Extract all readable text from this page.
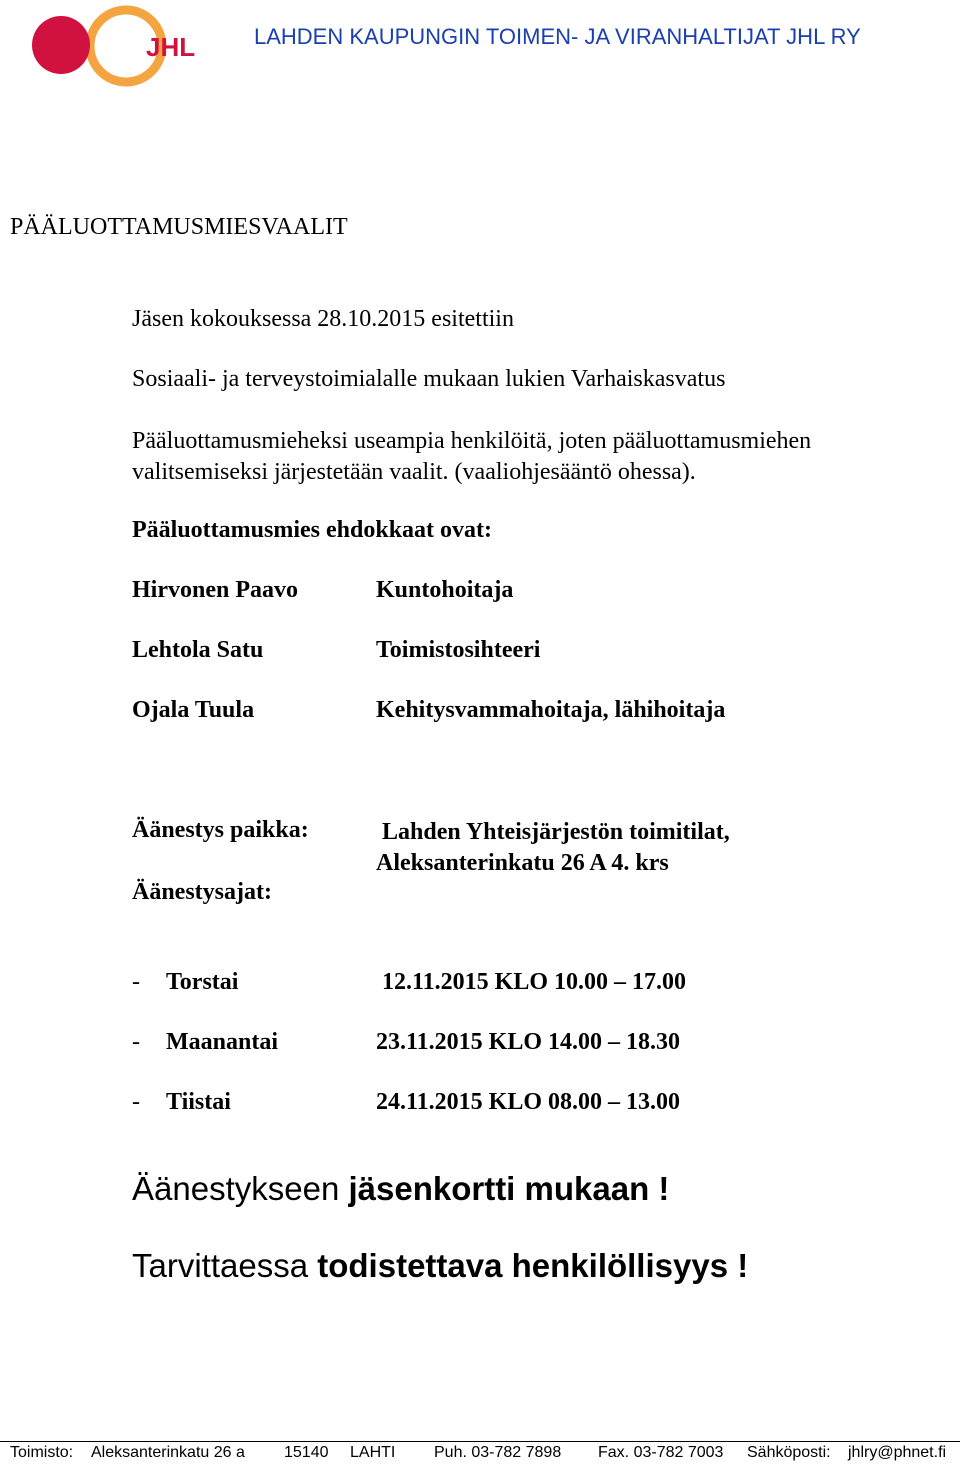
JHL	LAHDEN KAUPUNGIN TOIMEN- JA VIRANHALTIJAT JHL RY
PÄÄLUOTTAMUSMIESVAALIT
Jäsen kokouksessa 28.10.2015 esitettiin
Sosiaali- ja terveystoimialalle mukaan lukien Varhaiskasvatus
Pääluottamusmieheksi useampia henkilöitä, joten pääluottamusmiehen
valitsemiseksi järjestetään vaalit. (vaaliohjesääntö ohessa).
Pääluottamusmies ehdokkaat ovat:
Hirvonen Paavo	Kuntohoitaja
Lehtola Satu	Toimistosihteeri
Ojala Tuula	Kehitysvammahoitaja, lähihoitaja
Äänestys paikka:	Lahden Yhteisjärjestön toimitilat,
Aleksanterinkatu 26 A 4. krs
Äänestysajat:
- Torstai	12.11.2015 KLO 10.00 – 17.00
- Maanantai	23.11.2015 KLO 14.00 – 18.30
- Tiistai	24.11.2015 KLO 08.00 – 13.00
Äänestykseen jäsenkortti mukaan !
Tarvittaessa todistettava henkilöllisyys !
Toimisto: Aleksanterinkatu 26 a 15140 LAHTI Puh. 03-782 7898 Fax. 03-782 7003 Sähköposti: jhlry@phnet.fi
